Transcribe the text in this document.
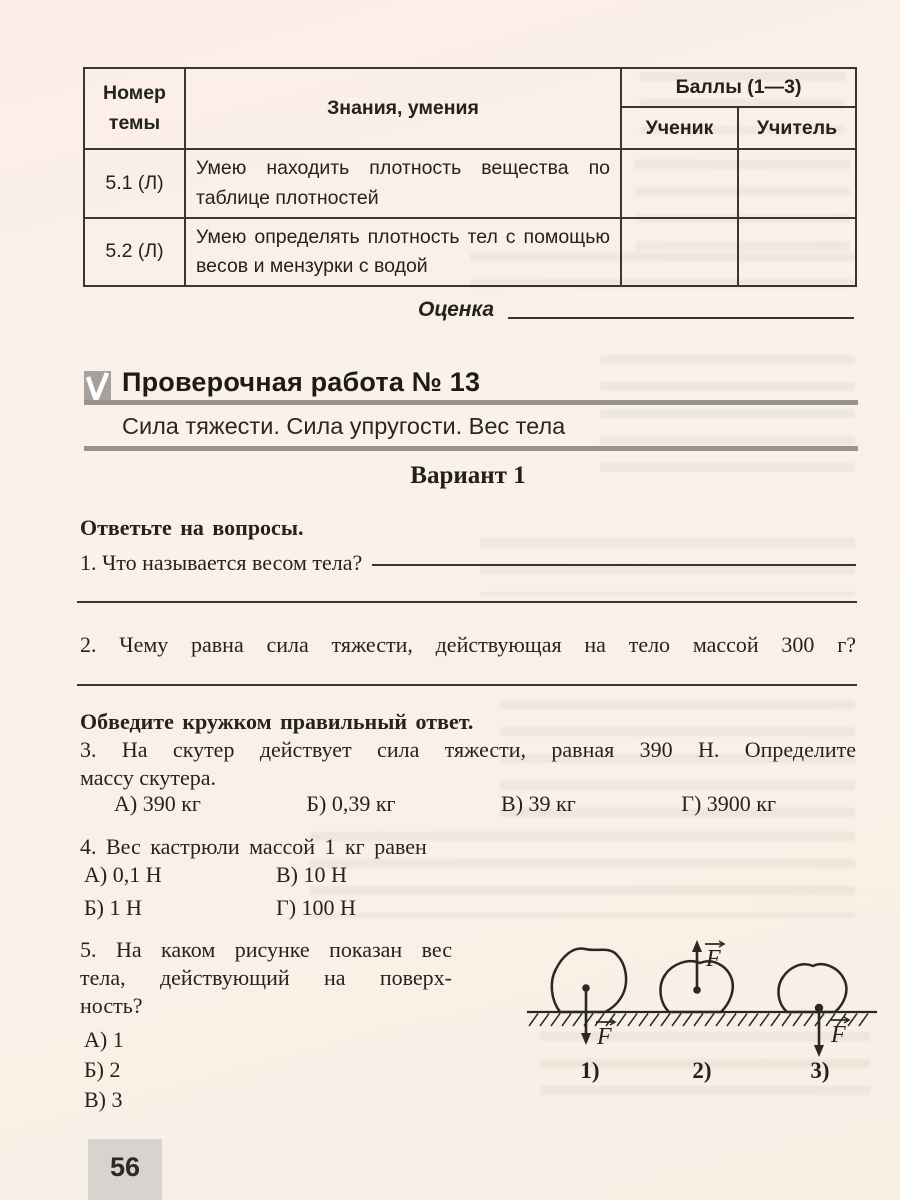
Номер темы	Знания, умения	Баллы (1—3)	
		Ученик	Учитель
5.1 (Л)	Умею находить плотность вещества по таблице плотностей		
5.2 (Л)	Умею определять плотность тел с помощью весов и мензурки с водой		
Оценка
Проверочная работа № 13
Сила тяжести. Сила упругости. Вес тела
Вариант 1
Ответьте на вопросы.
1. Что называется весом тела?
2. Чему равна сила тяжести, действующая на тело массой 300 г?
Обведите кружком правильный ответ.
3. На скутер действует сила тяжести, равная 390 Н. Определите
массу скутера.
А) 390 кг	Б) 0,39 кг	В) 39 кг	Г) 3900 кг
4. Вес кастрюли массой 1 кг равен
А) 0,1 Н	В) 10 Н
Б) 1 Н	Г) 100 Н
5. На каком рисунке показан вес
тела, действующий на поверх-
ность?
А) 1
Б) 2
В) 3
F
F
F
1)	2)	3)
56
